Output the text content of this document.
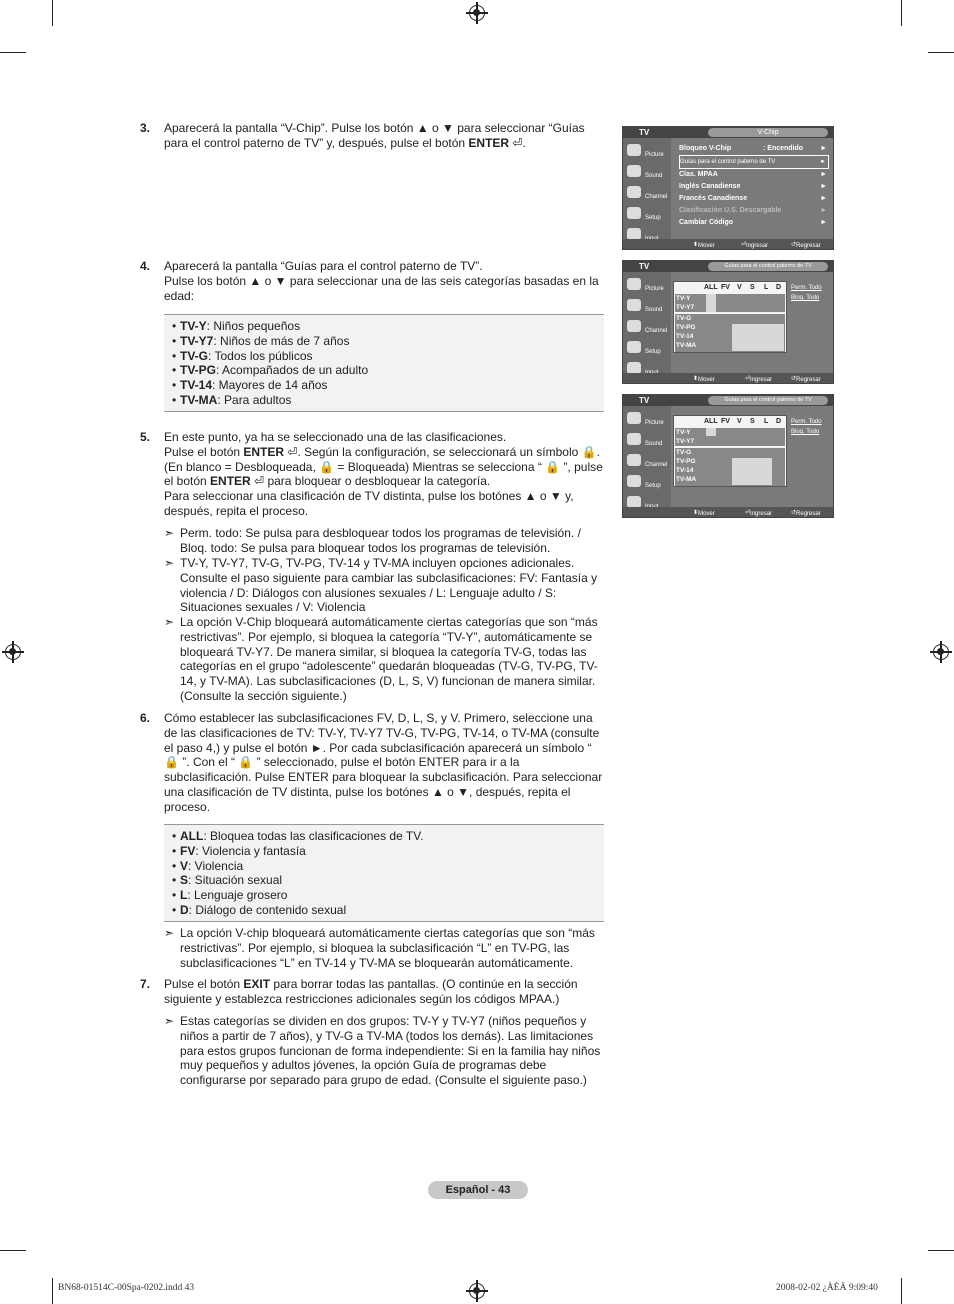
3. Aparecerá la pantalla “V-Chip”. Pulse los botón ▲ o ▼ para seleccionar “Guías para el control paterno de TV” y, después, pulse el botón ENTER ⏎.
4. Aparecerá la pantalla “Guías para el control paterno de TV”.
Pulse los botón ▲ o ▼ para seleccionar una de las seis categorías basadas en la edad:
• TV-Y: Niños pequeños
• TV-Y7: Niños de más de 7 años
• TV-G: Todos los públicos
• TV-PG: Acompañados de un adulto
• TV-14: Mayores de 14 años
• TV-MA: Para adultos
5. En este punto, ya ha se seleccionado una de las clasificaciones.
Pulse el botón ENTER ⏎. Según la configuración, se seleccionará un símbolo 🔒.
(En blanco = Desbloqueada, 🔒 = Bloqueada) Mientras se selecciona “ 🔒 ”, pulse el botón ENTER ⏎ para bloquear o desbloquear la categoría.
Para seleccionar una clasificación de TV distinta, pulse los botónes ▲ o ▼ y, después, repita el proceso.
➣ Perm. todo: Se pulsa para desbloquear todos los programas de televisión. / Bloq. todo: Se pulsa para bloquear todos los programas de televisión.
➣ TV-Y, TV-Y7, TV-G, TV-PG, TV-14 y TV-MA incluyen opciones adicionales. Consulte el paso siguiente para cambiar las subclasificaciones: FV: Fantasía y violencia / D: Diálogos con alusiones sexuales / L: Lenguaje adulto / S: Situaciones sexuales / V: Violencia
➣ La opción V-Chip bloqueará automáticamente ciertas categorías que son “más restrictivas”. Por ejemplo, si bloquea la categoría “TV-Y”, automáticamente se bloqueará TV-Y7. De manera similar, si bloquea la categoría TV-G, todas las categorías en el grupo “adolescente” quedarán bloqueadas (TV-G, TV-PG, TV-14, y TV-MA). Las subclasificaciones (D, L, S, V) funcionan de manera similar. (Consulte la sección siguiente.)
6. Cómo establecer las subclasificaciones FV, D, L, S, y V. Primero, seleccione una de las clasificaciones de TV: TV-Y, TV-Y7 TV-G, TV-PG, TV-14, o TV-MA (consulte el paso 4,) y pulse el botón ►. Por cada subclasificación aparecerá un símbolo “ 🔒 ”. Con el “ 🔒 ” seleccionado, pulse el botón ENTER para ir a la subclasificación. Pulse ENTER para bloquear la subclasificación. Para seleccionar una clasificación de TV distinta, pulse los botónes ▲ o ▼, después, repita el proceso.
• ALL: Bloquea todas las clasificaciones de TV.
• FV: Violencia y fantasía
• V: Violencia
• S: Situación sexual
• L: Lenguaje grosero
• D: Diálogo de contenido sexual
➣ La opción V-chip bloqueará automáticamente ciertas categorías que son “más restrictivas”. Por ejemplo, si bloquea la subclasificación “L” en TV-PG, las subclasificaciones “L” en TV-14 y TV-MA se bloquearán automáticamente.
7. Pulse el botón EXIT para borrar todas las pantallas. (O continúe en la sección siguiente y establezca restricciones adicionales según los códigos MPAA.)
➣ Estas categorías se dividen en dos grupos: TV-Y y TV-Y7 (niños pequeños y niños a partir de 7 años), y TV-G a TV-MA (todos los demás). Las limitaciones para estos grupos funcionan de forma independiente: Si en la familia hay niños muy pequeños y adultos jóvenes, la opción Guía de programas debe configurarse por separado para grupo de edad. (Consulte el siguiente paso.)
TV	V-Chip
Picture
Sound
Channel
Setup
Bloqueo V-Chip	: Encendido ►
Guías para el control paterno de TV	►
Clas. MPAA	►
Inglés Canadiense	►
Francés Canadiense	►
Clasificación U.S. Descargable	►
Cambiar Código	►
⬍ Mover	⏎ Ingresar	↺ Regresar
TV	Guías para el control paterno de TV
Picture
Sound
Channel
Setup
ALL FV V S L D
TV-Y
TV-Y7
TV-G
TV-PG
TV-14
TV-MA
Perm. Todo
Bloq. Todo
⬍ Mover	⏎ Ingresar	↺ Regresar
TV	Guías para el control paterno de TV
Picture
Sound
Channel
Setup
ALL FV V S L D
TV-Y
TV-Y7
TV-G
TV-PG
TV-14
TV-MA
Perm. Todo
Bloq. Todo
⬍ Mover	⏎ Ingresar	↺ Regresar
Español - 43
BN68-01514C-00Spa-0202.indd 43	2008-02-02 ¿ÀÈÄ 9:09:40
